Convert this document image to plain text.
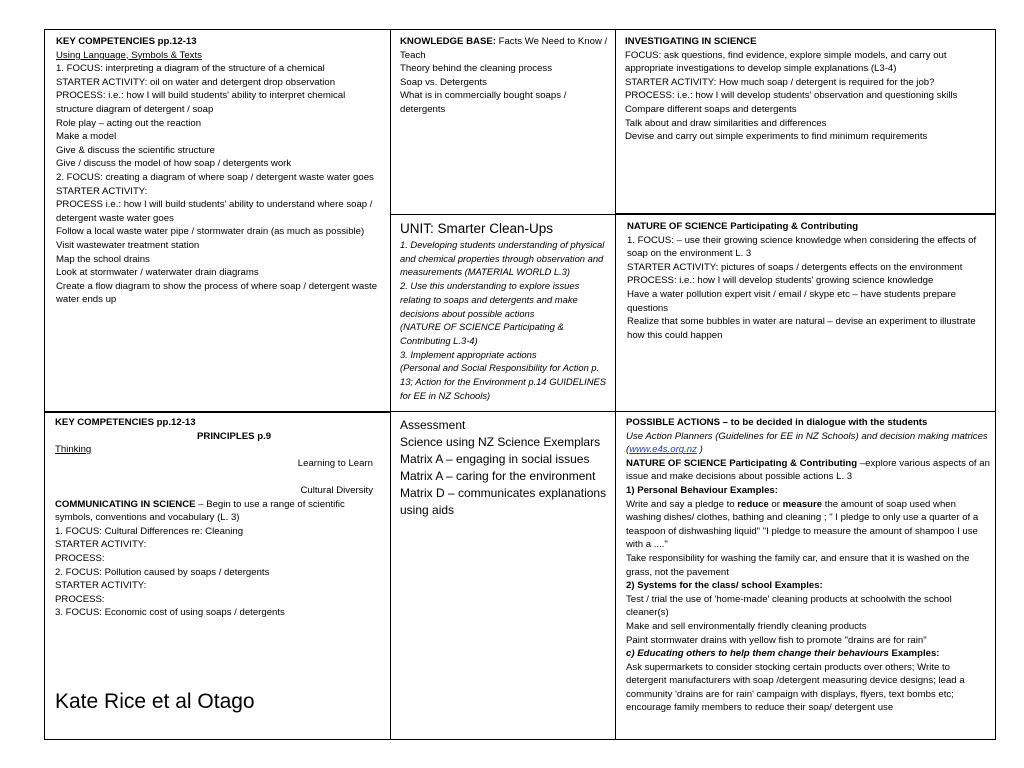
KEY COMPETENCIES pp.12-13
Using Language, Symbols & Texts
1. FOCUS: interpreting a diagram of the structure of a chemical
STARTER ACTIVITY: oil on water and detergent drop observation
PROCESS: i.e.: how I will build students' ability to interpret chemical structure diagram of detergent / soap
Role play – acting out the reaction
Make a model
Give & discuss the scientific structure
Give / discuss the model of how soap / detergents work
2. FOCUS: creating a diagram of where soap / detergent waste water goes
STARTER ACTIVITY:
PROCESS i.e.: how I will build students' ability to understand where soap / detergent waste water goes
Follow a local waste water pipe / stormwater drain (as much as possible)
Visit wastewater treatment station
Map the school drains
Look at stormwater / waterwater drain diagrams
Create a flow diagram to show the process of where soap / detergent waste water ends up
KNOWLEDGE BASE: Facts We Need to Know / Teach
Theory behind the cleaning process
Soap vs. Detergents
What is in commercially bought soaps / detergents
INVESTIGATING IN SCIENCE
FOCUS: ask questions, find evidence, explore simple models, and carry out appropriate investigations to develop simple explanations (L3-4)
STARTER ACTIVITY: How much soap / detergent is required for the job?
PROCESS: i.e.: how I will develop students' observation and questioning skills
Compare different soaps and detergents
Talk about and draw similarities and differences
Devise and carry out simple experiments to find minimum requirements
UNIT: Smarter Clean-Ups
1. Developing students understanding of physical and chemical properties through observation and measurements (MATERIAL WORLD L.3)
2. Use this understanding to explore issues relating to soaps and detergents and make decisions about possible actions
(NATURE OF SCIENCE Participating & Contributing L.3-4)
3. Implement appropriate actions
(Personal and Social Responsibility for Action p. 13; Action for the Environment p.14 GUIDELINES for EE in NZ Schools)
NATURE OF SCIENCE Participating & Contributing
1. FOCUS: – use their growing science knowledge when considering the effects of soap on the environment L. 3
STARTER ACTIVITY: pictures of soaps / detergents effects on the environment
PROCESS: i.e.: how I will develop students' growing science knowledge
Have a water pollution expert visit / email / skype etc – have students prepare questions
Realize that some bubbles in water are natural – devise an experiment to illustrate how this could happen
KEY COMPETENCIES pp.12-13
PRINCIPLES p.9
Thinking
Learning to Learn

Cultural Diversity
COMMUNICATING IN SCIENCE – Begin to use a range of scientific symbols, conventions and vocabulary (L. 3)
1. FOCUS: Cultural Differences re: Cleaning
STARTER ACTIVITY:
PROCESS:
2. FOCUS: Pollution caused by soaps / detergents
STARTER ACTIVITY:
PROCESS:
3. FOCUS: Economic cost of using soaps / detergents
Kate Rice et al Otago
Assessment
Science using NZ Science Exemplars
Matrix A – engaging in social issues
Matrix A – caring for the environment
Matrix D – communicates explanations using aids
POSSIBLE ACTIONS – to be decided in dialogue with the students
Use Action Planners (Guidelines for EE in NZ Schools) and decision making matrices (www.e4s.org.nz )
NATURE OF SCIENCE Participating & Contributing –explore various aspects of an issue and make decisions about possible actions L. 3
1) Personal Behaviour Examples:
Write and say a pledge to reduce or measure the amount of soap used when washing dishes/ clothes, bathing and cleaning ; " I pledge to only use a quarter of a teaspoon of dishwashing liquid" "I pledge to measure the amount of shampoo I use with a ...."
Take responsibility for washing the family car, and ensure that it is washed on the grass, not the pavement
2) Systems for the class/ school Examples:
Test / trial the use of 'home-made' cleaning products at schoolwith the school cleaner(s)
Make and sell environmentally friendly cleaning products
Paint stormwater drains with yellow fish to promote "drains are for rain"
c) Educating others to help them change their behaviours Examples:
Ask supermarkets to consider stocking certain products over others; Write to detergent manufacturers with soap /detergent measuring device designs; lead a community 'drains are for rain' campaign with displays, flyers, text bombs etc; encourage family members to reduce their soap/ detergent use
